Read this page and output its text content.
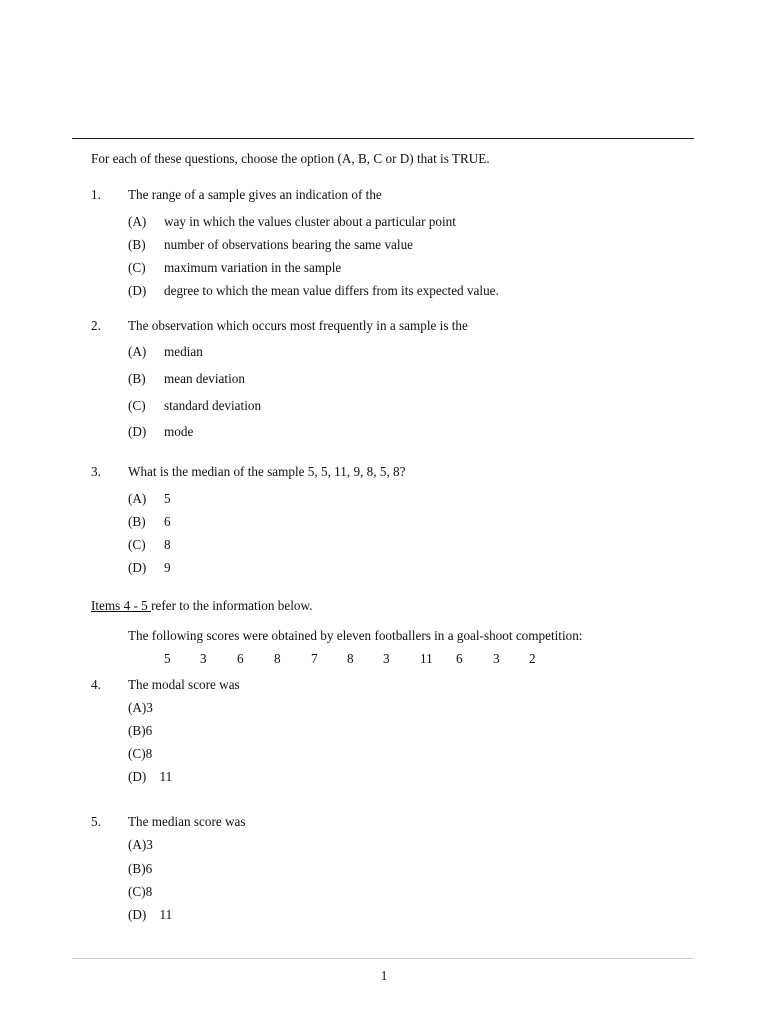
For each of these questions, choose the option (A, B, C or D) that is TRUE.
1. The range of a sample gives an indication of the
(A) way in which the values cluster about a particular point
(B) number of observations bearing the same value
(C) maximum variation in the sample
(D) degree to which the mean value differs from its expected value.
2. The observation which occurs most frequently in a sample is the
(A) median
(B) mean deviation
(C) standard deviation
(D) mode
3. What is the median of the sample 5, 5, 11, 9, 8, 5, 8?
(A) 5
(B) 6
(C) 8
(D) 9
Items 4 - 5 refer to the information below.
The following scores were obtained by eleven footballers in a goal-shoot competition:
5 3 6 8 7 8 3 11 6 3 2
4. The modal score was
(A)3
(B)6
(C)8
(D)    11
5. The median score was
(A)3
(B)6
(C)8
(D)    11
1
